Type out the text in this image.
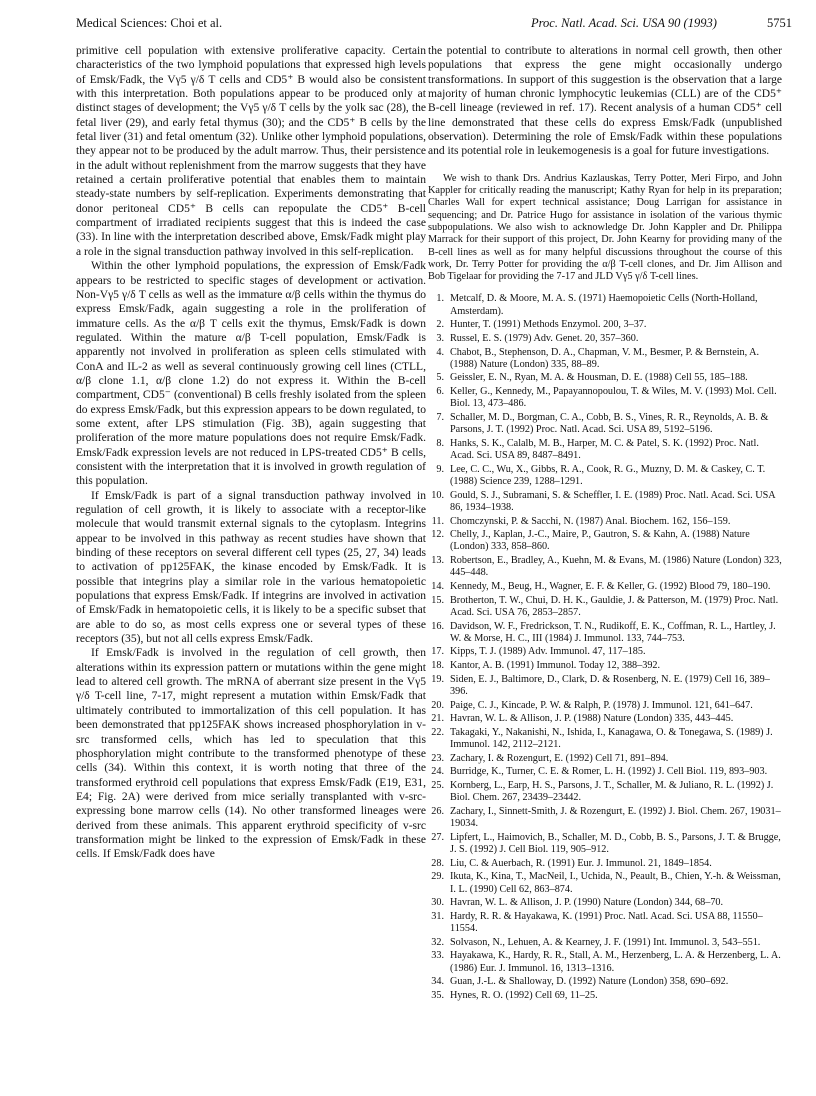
Medical Sciences: Choi et al.	Proc. Natl. Acad. Sci. USA 90 (1993)	5751

primitive cell population with extensive proliferative capacity. Certain characteristics of the two lymphoid populations that expressed high levels of Emsk/Fadk, the Vγ5 γ/δ T cells and CD5⁺ B would also be consistent with this interpretation. Both populations appear to be produced only at distinct stages of development; the Vγ5 γ/δ T cells by the yolk sac (28), the fetal liver (29), and early fetal thymus (30); and the CD5⁺ B cells by the fetal liver (31) and fetal omentum (32). Unlike other lymphoid populations, they appear not to be produced by the adult marrow. Thus, their persistence in the adult without replenishment from the marrow suggests that they have retained a certain proliferative potential that enables them to maintain steady-state numbers by self-replication. Experiments demonstrating that donor peritoneal CD5⁺ B cells can repopulate the CD5⁺ B-cell compartment of irradiated recipients suggest that this is indeed the case (33). In line with the interpretation described above, Emsk/Fadk might play a role in the signal transduction pathway involved in this self-replication.

Within the other lymphoid populations, the expression of Emsk/Fadk appears to be restricted to specific stages of development or activation. Non-Vγ5 γ/δ T cells as well as the immature α/β cells within the thymus do express Emsk/Fadk, again suggesting a role in the proliferation of immature cells. As the α/β T cells exit the thymus, Emsk/Fadk is down regulated. Within the mature α/β T-cell population, Emsk/Fadk is apparently not involved in proliferation as spleen cells stimulated with ConA and IL-2 as well as several continuously growing cell lines (CTLL, α/β clone 1.1, α/β clone 1.2) do not express it. Within the B-cell compartment, CD5⁻ (conventional) B cells freshly isolated from the spleen do express Emsk/Fadk, but this expression appears to be down regulated, to some extent, after LPS stimulation (Fig. 3B), again suggesting that proliferation of the more mature populations does not require Emsk/Fadk. Emsk/Fadk expression levels are not reduced in LPS-treated CD5⁺ B cells, consistent with the interpretation that it is involved in growth regulation of this population.

If Emsk/Fadk is part of a signal transduction pathway involved in regulation of cell growth, it is likely to associate with a receptor-like molecule that would transmit external signals to the cytoplasm. Integrins appear to be involved in this pathway as recent studies have shown that binding of these receptors on several different cell types (25, 27, 34) leads to activation of pp125FAK, the kinase encoded by Emsk/Fadk. It is possible that integrins play a similar role in the various hematopoietic populations that express Emsk/Fadk. If integrins are involved in activation of Emsk/Fadk in hematopoietic cells, it is likely to be a specific subset that are able to do so, as most cells express one or several types of these receptors (35), but not all cells express Emsk/Fadk.

If Emsk/Fadk is involved in the regulation of cell growth, then alterations within its expression pattern or mutations within the gene might lead to altered cell growth. The mRNA of aberrant size present in the Vγ5 γ/δ T-cell line, 7-17, might represent a mutation within Emsk/Fadk that ultimately contributed to immortalization of this cell population. It has been demonstrated that pp125FAK shows increased phosphorylation in v-src transformed cells, which has led to speculation that this phosphorylation might contribute to the transformed phenotype of these cells (34). Within this context, it is worth noting that three of the transformed erythroid cell populations that express Emsk/Fadk (E19, E31, E4; Fig. 2A) were derived from mice serially transplanted with v-src-expressing bone marrow cells (14). No other transformed lineages were derived from these animals. This apparent erythroid specificity of v-src transformation might be linked to the expression of Emsk/Fadk in these cells. If Emsk/Fadk does have

the potential to contribute to alterations in normal cell growth, then other populations that express the gene might occasionally undergo transformations. In support of this suggestion is the observation that a large majority of human chronic lymphocytic leukemias (CLL) are of the CD5⁺ B-cell lineage (reviewed in ref. 17). Recent analysis of a human CD5⁺ cell line demonstrated that these cells do express Emsk/Fadk (unpublished observation). Determining the role of Emsk/Fadk within these populations and its potential role in leukemogenesis is a goal for future investigations.

We wish to thank Drs. Andrius Kazlauskas, Terry Potter, Meri Firpo, and John Kappler for critically reading the manuscript; Kathy Ryan for help in its preparation; Charles Wall for expert technical assistance; Doug Larrigan for assistance in sequencing; and Dr. Patrice Hugo for assistance in isolation of the various thymic subpopulations. We also wish to acknowledge Dr. John Kappler and Dr. Philippa Marrack for their support of this project, Dr. John Kearny for providing many of the B-cell lines as well as for many helpful discussions throughout the course of this work, Dr. Terry Potter for providing the α/β T-cell clones, and Dr. Jim Allison and Bob Tigelaar for providing the 7-17 and JLD Vγ5 γ/δ T-cell lines.

1. Metcalf, D. & Moore, M. A. S. (1971) Haemopoietic Cells (North-Holland, Amsterdam).
2. Hunter, T. (1991) Methods Enzymol. 200, 3–37.
3. Russel, E. S. (1979) Adv. Genet. 20, 357–360.
4. Chabot, B., Stephenson, D. A., Chapman, V. M., Besmer, P. & Bernstein, A. (1988) Nature (London) 335, 88–89.
5. Geissler, E. N., Ryan, M. A. & Housman, D. E. (1988) Cell 55, 185–188.
6. Keller, G., Kennedy, M., Papayannopoulou, T. & Wiles, M. V. (1993) Mol. Cell. Biol. 13, 473–486.
7. Schaller, M. D., Borgman, C. A., Cobb, B. S., Vines, R. R., Reynolds, A. B. & Parsons, J. T. (1992) Proc. Natl. Acad. Sci. USA 89, 5192–5196.
8. Hanks, S. K., Calalb, M. B., Harper, M. C. & Patel, S. K. (1992) Proc. Natl. Acad. Sci. USA 89, 8487–8491.
9. Lee, C. C., Wu, X., Gibbs, R. A., Cook, R. G., Muzny, D. M. & Caskey, C. T. (1988) Science 239, 1288–1291.
10. Gould, S. J., Subramani, S. & Scheffler, I. E. (1989) Proc. Natl. Acad. Sci. USA 86, 1934–1938.
11. Chomczynski, P. & Sacchi, N. (1987) Anal. Biochem. 162, 156–159.
12. Chelly, J., Kaplan, J.-C., Maire, P., Gautron, S. & Kahn, A. (1988) Nature (London) 333, 858–860.
13. Robertson, E., Bradley, A., Kuehn, M. & Evans, M. (1986) Nature (London) 323, 445–448.
14. Kennedy, M., Beug, H., Wagner, E. F. & Keller, G. (1992) Blood 79, 180–190.
15. Brotherton, T. W., Chui, D. H. K., Gauldie, J. & Patterson, M. (1979) Proc. Natl. Acad. Sci. USA 76, 2853–2857.
16. Davidson, W. F., Fredrickson, T. N., Rudikoff, E. K., Coffman, R. L., Hartley, J. W. & Morse, H. C., III (1984) J. Immunol. 133, 744–753.
17. Kipps, T. J. (1989) Adv. Immunol. 47, 117–185.
18. Kantor, A. B. (1991) Immunol. Today 12, 388–392.
19. Siden, E. J., Baltimore, D., Clark, D. & Rosenberg, N. E. (1979) Cell 16, 389–396.
20. Paige, C. J., Kincade, P. W. & Ralph, P. (1978) J. Immunol. 121, 641–647.
21. Havran, W. L. & Allison, J. P. (1988) Nature (London) 335, 443–445.
22. Takagaki, Y., Nakanishi, N., Ishida, I., Kanagawa, O. & Tonegawa, S. (1989) J. Immunol. 142, 2112–2121.
23. Zachary, I. & Rozengurt, E. (1992) Cell 71, 891–894.
24. Burridge, K., Turner, C. E. & Romer, L. H. (1992) J. Cell Biol. 119, 893–903.
25. Kornberg, L., Earp, H. S., Parsons, J. T., Schaller, M. & Juliano, R. L. (1992) J. Biol. Chem. 267, 23439–23442.
26. Zachary, I., Sinnett-Smith, J. & Rozengurt, E. (1992) J. Biol. Chem. 267, 19031–19034.
27. Lipfert, L., Haimovich, B., Schaller, M. D., Cobb, B. S., Parsons, J. T. & Brugge, J. S. (1992) J. Cell Biol. 119, 905–912.
28. Liu, C. & Auerbach, R. (1991) Eur. J. Immunol. 21, 1849–1854.
29. Ikuta, K., Kina, T., MacNeil, I., Uchida, N., Peault, B., Chien, Y.-h. & Weissman, I. L. (1990) Cell 62, 863–874.
30. Havran, W. L. & Allison, J. P. (1990) Nature (London) 344, 68–70.
31. Hardy, R. R. & Hayakawa, K. (1991) Proc. Natl. Acad. Sci. USA 88, 11550–11554.
32. Solvason, N., Lehuen, A. & Kearney, J. F. (1991) Int. Immunol. 3, 543–551.
33. Hayakawa, K., Hardy, R. R., Stall, A. M., Herzenberg, L. A. & Herzenberg, L. A. (1986) Eur. J. Immunol. 16, 1313–1316.
34. Guan, J.-L. & Shalloway, D. (1992) Nature (London) 358, 690–692.
35. Hynes, R. O. (1992) Cell 69, 11–25.
